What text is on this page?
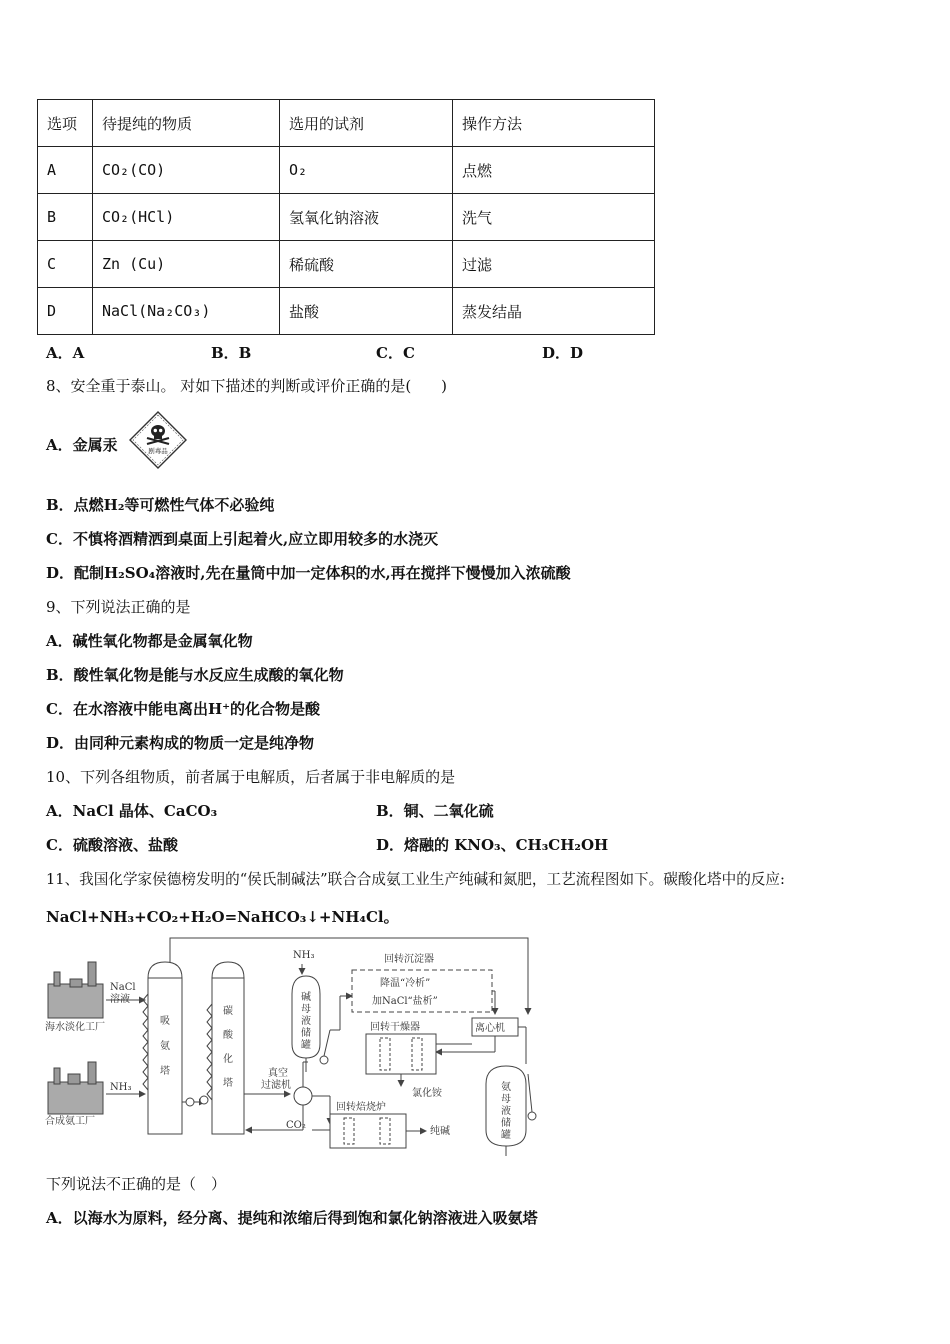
选项	待提纯的物质	选用的试剂	操作方法
A	CO₂(CO)	O₂	点燃
B	CO₂(HCl)	氢氧化钠溶液	洗气
C	Zn (Cu)	稀硫酸	过滤
D	NaCl(Na₂CO₃)	盐酸	蒸发结晶
A．A	B．B	C．C	D．D
8、安全重于泰山。 对如下描述的判断或评价正确的是(　　)
A．金属汞	剧毒品
B．点燃H₂等可燃性气体不必验纯
C．不慎将酒精洒到桌面上引起着火,应立即用较多的水浇灭
D．配制H₂SO₄溶液时,先在量筒中加一定体积的水,再在搅拌下慢慢加入浓硫酸
9、下列说法正确的是
A．碱性氧化物都是金属氧化物
B．酸性氧化物是能与水反应生成酸的氧化物
C．在水溶液中能电离出H⁺的化合物是酸
D．由同种元素构成的物质一定是纯净物
10、下列各组物质，前者属于电解质，后者属于非电解质的是
A．NaCl 晶体、CaCO₃	B．铜、二氧化硫
C．硫酸溶液、盐酸	D．熔融的 KNO₃、CH₃CH₂OH
11、我国化学家侯德榜发明的“侯氏制碱法”联合合成氨工业生产纯碱和氮肥，工艺流程图如下。碳酸化塔中的反应:
NaCl+NH₃+CO₂+H₂O=NaHCO₃↓+NH₄Cl。
海水淡化工厂
合成氨工厂
NaCl
溶液
NH₃
吸
氨
塔
碳
酸
化
塔
NH₃
碱
母
液
储
罐
真空
过滤机
回转沉淀器
降温“冷析”
加NaCl“盐析”
离心机
回转干燥器
氯化铵
回转焙烧炉
CO₂
纯碱
氨
母
液
储
罐
下列说法不正确的是（　）
A．以海水为原料，经分离、提纯和浓缩后得到饱和氯化钠溶液进入吸氨塔
